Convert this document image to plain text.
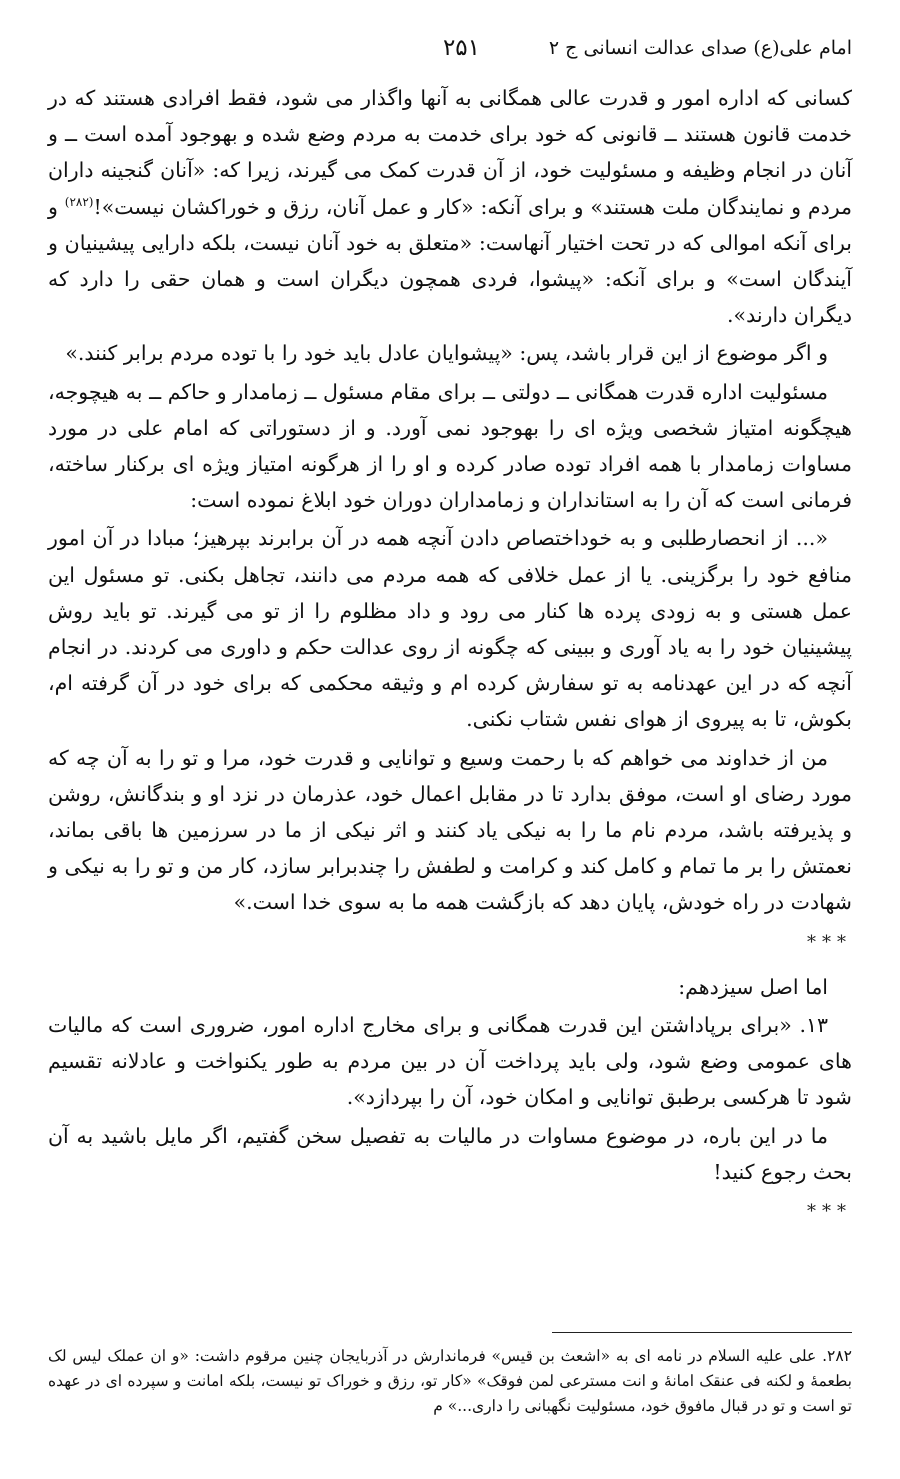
امام علی(ع) صدای عدالت انسانی ج ۲
۲۵۱

کسانی که اداره امور و قدرت عالی همگانی به آنها واگذار می شود، فقط افرادی هستند که در خدمت قانون هستند ــ قانونی که خود برای خدمت به مردم وضع شده و بهوجود آمده است ــ و آنان در انجام وظیفه و مسئولیت خود، از آن قدرت کمک می گیرند، زیرا که: «آنان گنجینه داران مردم و نمایندگان ملت هستند» و برای آنکه: «کار و عمل آنان، رزق و خوراکشان نیست»!$^{(۲۸۲)}$ و برای آنکه اموالی که در تحت اختیار آنهاست: «متعلق به خود آنان نیست، بلکه دارایی پیشینیان و آیندگان است» و برای آنکه: «پیشوا، فردی همچون دیگران است و همان حقی را دارد که دیگران دارند».

و اگر موضوع از این قرار باشد، پس: «پیشوایان عادل باید خود را با توده مردم برابر کنند.»

مسئولیت اداره قدرت همگانی ــ دولتی ــ برای مقام مسئول ــ زمامدار و حاکم ــ به هیچوجه، هیچگونه امتیاز شخصی ویژه ای را بهوجود نمی آورد. و از دستوراتی که امام علی در مورد مساوات زمامدار با همه افراد توده صادر کرده و او را از هرگونه امتیاز ویژه ای برکنار ساخته، فرمانی است که آن را به استانداران و زمامداران دوران خود ابلاغ نموده است:

«... از انحصارطلبی و به خوداختصاص دادن آنچه همه در آن برابرند بپرهیز؛ مبادا در آن امور منافع خود را برگزینی. یا از عمل خلافی که همه مردم می دانند، تجاهل بکنی. تو مسئول این عمل هستی و به زودی پرده ها کنار می رود و داد مظلوم را از تو می گیرند. تو باید روش پیشینیان خود را به یاد آوری و ببینی که چگونه از روی عدالت حکم و داوری می کردند. در انجام آنچه که در این عهدنامه به تو سفارش کرده ام و وثیقه محکمی که برای خود در آن گرفته ام، بکوش، تا به پیروی از هوای نفس شتاب نکنی.

من از خداوند می خواهم که با رحمت وسیع و توانایی و قدرت خود، مرا و تو را به آن چه که مورد رضای او است، موفق بدارد تا در مقابل اعمال خود، عذرمان در نزد او و بندگانش، روشن و پذیرفته باشد، مردم نام ما را به نیکی یاد کنند و اثر نیکی از ما در سرزمین ها باقی بماند، نعمتش را بر ما تمام و کامل کند و کرامت و لطفش را چندبرابر سازد، کار من و تو را به نیکی و شهادت در راه خودش، پایان دهد که بازگشت همه ما به سوی خدا است.»

***

اما اصل سیزدهم:

۱۳. «برای برپاداشتن این قدرت همگانی و برای مخارج اداره امور، ضروری است که مالیات های عمومی وضع شود، ولی باید پرداخت آن در بین مردم به طور یکنواخت و عادلانه تقسیم شود تا هرکسی برطبق توانایی و امکان خود، آن را بپردازد».

ما در این باره، در موضوع مساوات در مالیات به تفصیل سخن گفتیم، اگر مایل باشید به آن بحث رجوع کنید!

***

۲۸۲. علی علیه السلام در نامه ای به «اشعث بن قیس» فرماندارش در آذربایجان چنین مرقوم داشت: «و ان عملک لیس لک بطعمهٔ و لکنه فی عنقک امانهٔ و انت مسترعی لمن فوقک» «کار تو، رزق و خوراک تو نیست، بلکه امانت و سپرده ای در عهده تو است و تو در قبال مافوق خود، مسئولیت نگهبانی را داری...» م
